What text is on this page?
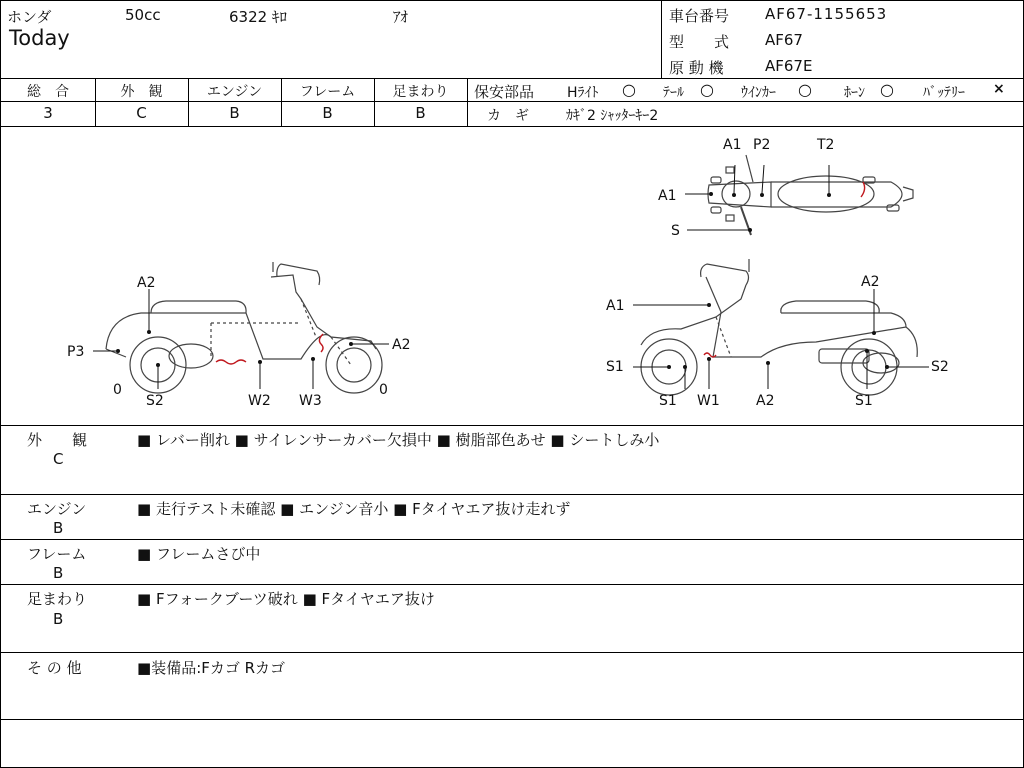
ホンダ	50cc	6322 ｷﾛ	ｱｵ
Today
車台番号 AF67-1155653
型　　式 AF67
原 動 機	AF67E
総　合	外　観	エンジン	フレーム	足まわり
3	C	B	B	B
保安部品 Hﾗｲﾄ ○ ﾃｰﾙ ○ ｳｲﾝｶｰ ○ ﾎｰﾝ ○ ﾊﾞｯﾃﾘｰ ×
カ　ギ	ｶｷﾞ2 ｼｬｯﾀｰｷｰ2
A1 P2	T2
A1
S
A2
P3
0
S2	W2 W3
0
A2
A1
A2
S1
S1 W1	A2	S1
S2
外　　観
C
■ レバー削れ ■ サイレンサーカバー欠損中 ■ 樹脂部色あせ ■ シートしみ小
エンジン
B
■ 走行テスト未確認 ■ エンジン音小 ■ Fタイヤエア抜け走れず
フレーム
B
■ フレームさび中
足まわり
B
■ Fフォークブーツ破れ ■ Fタイヤエア抜け
そ の 他	■装備品:Fカゴ Rカゴ
